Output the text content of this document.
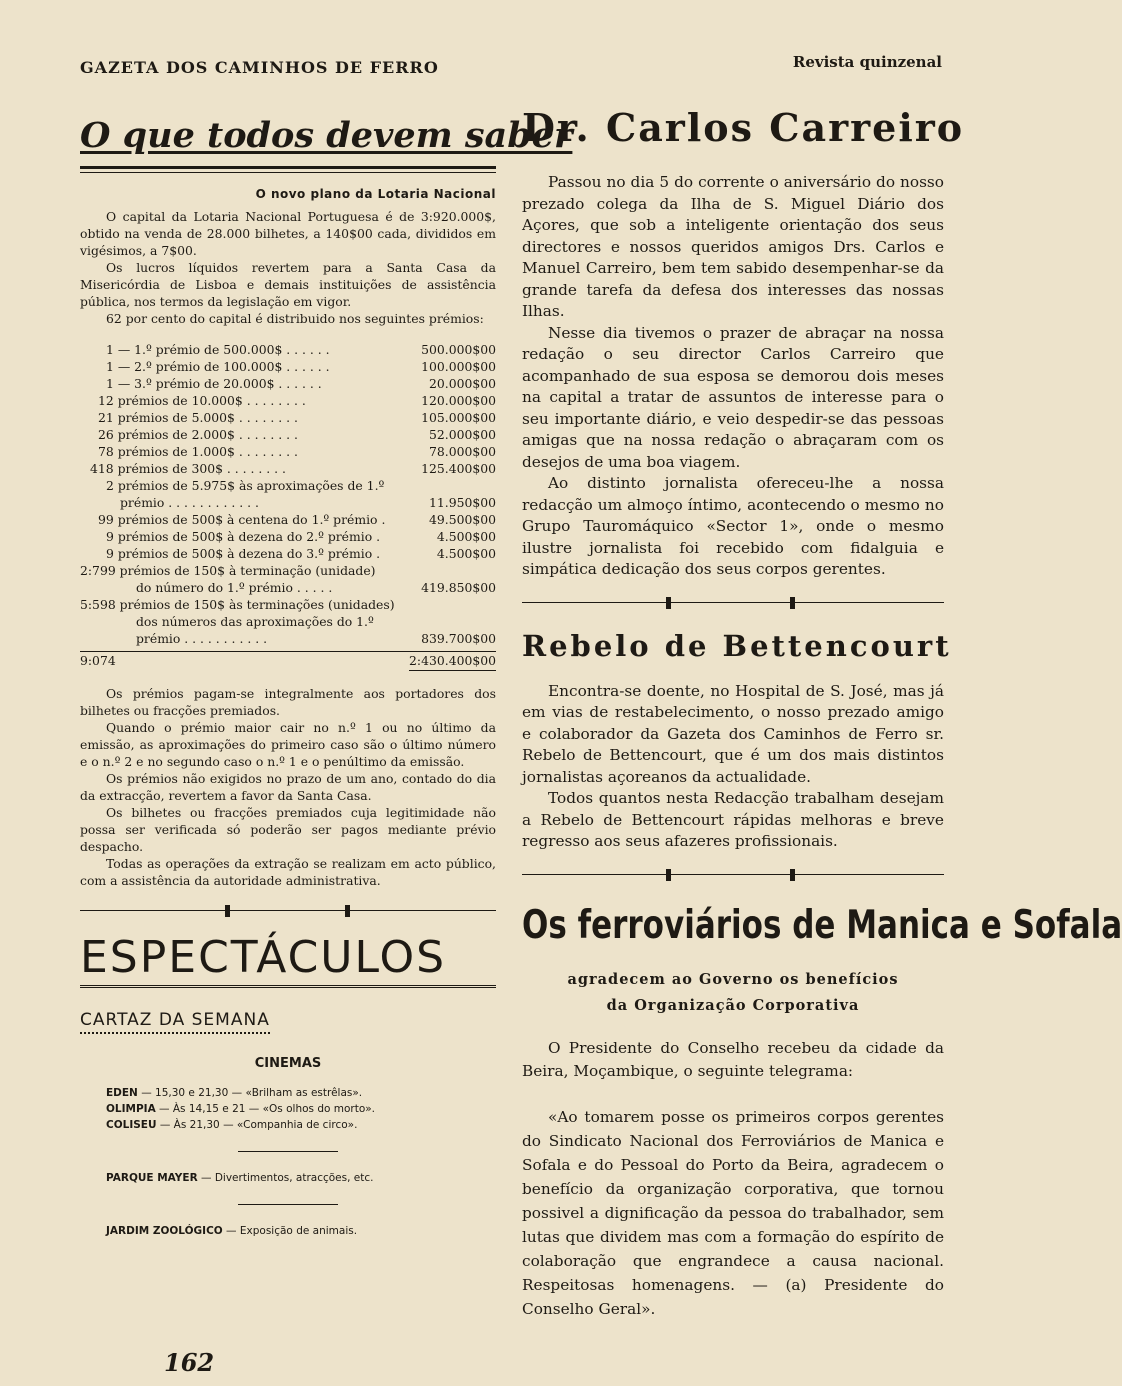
GAZETA DOS CAMINHOS DE FERRO	Revista quinzenal
O que todos devem saber
O novo plano da Lotaria Nacional

O capital da Lotaria Nacional Portuguesa é de 3:920.000$, obtido na venda de 28.000 bilhetes, a 140$00 cada, divididos em vigésimos, a 7$00.

Os lucros líquidos revertem para a Santa Casa da Misericórdia de Lisboa e demais instituições de assistência pública, nos termos da legislação em vigor.

62 por cento do capital é distribuido nos seguintes prémios:

1 — 1.º prémio de 500.000$ . . . . . .	500.000$00
1 — 2.º prémio de 100.000$ . . . . . .	100.000$00
1 — 3.º prémio de 20.000$ . . . . . .	20.000$00
12 prémios de 10.000$ . . . . . . . .	120.000$00
21 prémios de 5.000$ . . . . . . . .	105.000$00
26 prémios de 2.000$ . . . . . . . .	52.000$00
78 prémios de 1.000$ . . . . . . . .	78.000$00
418 prémios de 300$ . . . . . . . .	125.400$00
2 prémios de 5.975$ às aproximações de 1.º
prémio . . . . . . . . . . . .	11.950$00
99 prémios de 500$ à centena do 1.º prémio .	49.500$00
9 prémios de 500$ à dezena do 2.º prémio .	4.500$00
9 prémios de 500$ à dezena do 3.º prémio .	4.500$00
2:799 prémios de 150$ à terminação (unidade)
do número do 1.º prémio . . . . .	419.850$00
5:598 prémios de 150$ às terminações (unidades)
dos números das aproximações do 1.º
prémio . . . . . . . . . . .	839.700$00
9:074	2:430.400$00

Os prémios pagam-se integralmente aos portadores dos bilhetes ou fracções premiados.

Quando o prémio maior cair no n.º 1 ou no último da emissão, as aproximações do primeiro caso são o último número e o n.º 2 e no segundo caso o n.º 1 e o penúltimo da emissão.

Os prémios não exigidos no prazo de um ano, contado do dia da extracção, revertem a favor da Santa Casa.

Os bilhetes ou fracções premiados cuja legitimidade não possa ser verificada só poderão ser pagos mediante prévio despacho.

Todas as operações da extração se realizam em acto público, com a assistência da autoridade administrativa.

ESPECTÁCULOS
CARTAZ DA SEMANA
CINEMAS
EDEN — 15,30 e 21,30 — «Brilham as estrêlas».
OLIMPIA — Às 14,15 e 21 — «Os olhos do morto».
COLISEU — Às 21,30 — «Companhia de circo».
PARQUE MAYER — Divertimentos, atracções, etc.
JARDIM ZOOLÓGICO — Exposição de animais.
Dr. Carlos Carreiro

Passou no dia 5 do corrente o aniversário do nosso prezado colega da Ilha de S. Miguel Diário dos Açores, que sob a inteligente orientação dos seus directores e nossos queridos amigos Drs. Carlos e Manuel Carreiro, bem tem sabido desempenhar-se da grande tarefa da defesa dos interesses das nossas Ilhas.

Nesse dia tivemos o prazer de abraçar na nossa redação o seu director Carlos Carreiro que acompanhado de sua esposa se demorou dois meses na capital a tratar de assuntos de interesse para o seu importante diário, e veio despedir-se das pessoas amigas que na nossa redação o abraçaram com os desejos de uma boa viagem.

Ao distinto jornalista ofereceu-lhe a nossa redacção um almoço íntimo, acontecendo o mesmo no Grupo Tauromáquico «Sector 1», onde o mesmo ilustre jornalista foi recebido com fidalguia e simpática dedicação dos seus corpos gerentes.

Rebelo de Bettencourt

Encontra-se doente, no Hospital de S. José, mas já em vias de restabelecimento, o nosso prezado amigo e colaborador da Gazeta dos Caminhos de Ferro sr. Rebelo de Bettencourt, que é um dos mais distintos jornalistas açoreanos da actualidade.

Todos quantos nesta Redacção trabalham desejam a Rebelo de Bettencourt rápidas melhoras e breve regresso aos seus afazeres profissionais.

Os ferroviários de Manica e Sofala
agradecem ao Governo os benefícios
da Organização Corporativa

O Presidente do Conselho recebeu da cidade da Beira, Moçambique, o seguinte telegrama:

«Ao tomarem posse os primeiros corpos gerentes do Sindicato Nacional dos Ferroviários de Manica e Sofala e do Pessoal do Porto da Beira, agradecem o benefício da organização corporativa, que tornou possivel a dignificação da pessoa do trabalhador, sem lutas que dividem mas com a formação do espírito de colaboração que engrandece a causa nacional. Respeitosas homenagens. — (a) Presidente do Conselho Geral».

162
